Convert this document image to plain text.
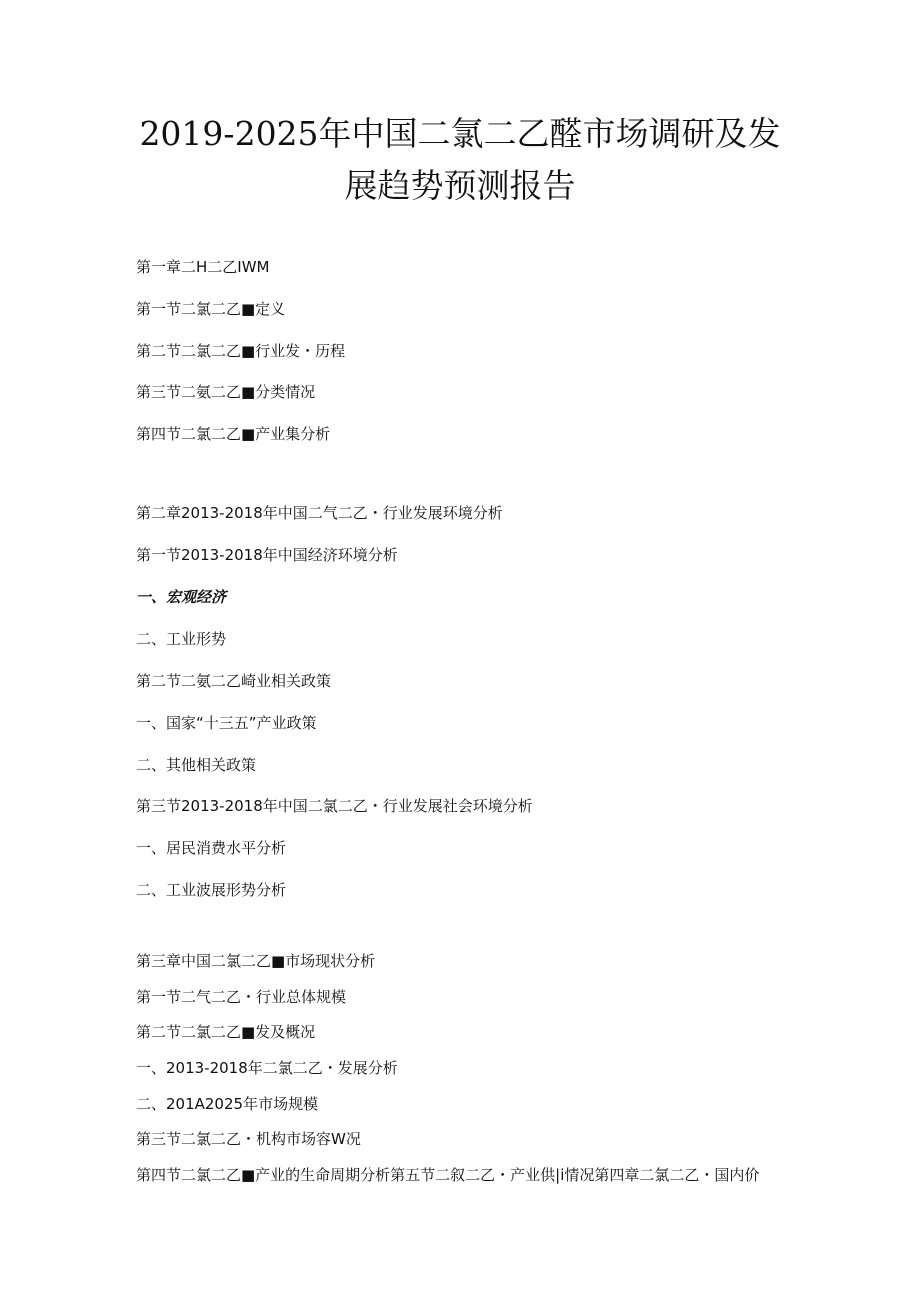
2019-2025年中国二氯二乙醛市场调研及发
展趋势预测报告
第一章二H二乙IWM
第一节二氯二乙■定义
第二节二氯二乙■行业发・历程
第三节二氨二乙■分类情况
第四节二氯二乙■产业集分析
第二章2013-2018年中国二气二乙・行业发展环境分析
第一节2013-2018年中国经济环境分析
一、宏观经济
二、工业形势
第二节二氨二乙崎业相关政策
一、国家“十三五”产业政策
二、其他相关政策
第三节2013-2018年中国二氯二乙・行业发展社会环境分析
一、居民消费水平分析
二、工业波展形势分析
第三章中国二氯二乙■市场现状分析
第一节二气二乙・行业总体规模
第二节二氯二乙■发及概况
一、2013-2018年二氯二乙・发展分析
二、201A2025年市场规模
第三节二氯二乙・机构市场容W况
第四节二氯二乙■产业的生命周期分析第五节二叙二乙・产业供|i情况第四章二氯二乙・国内价
